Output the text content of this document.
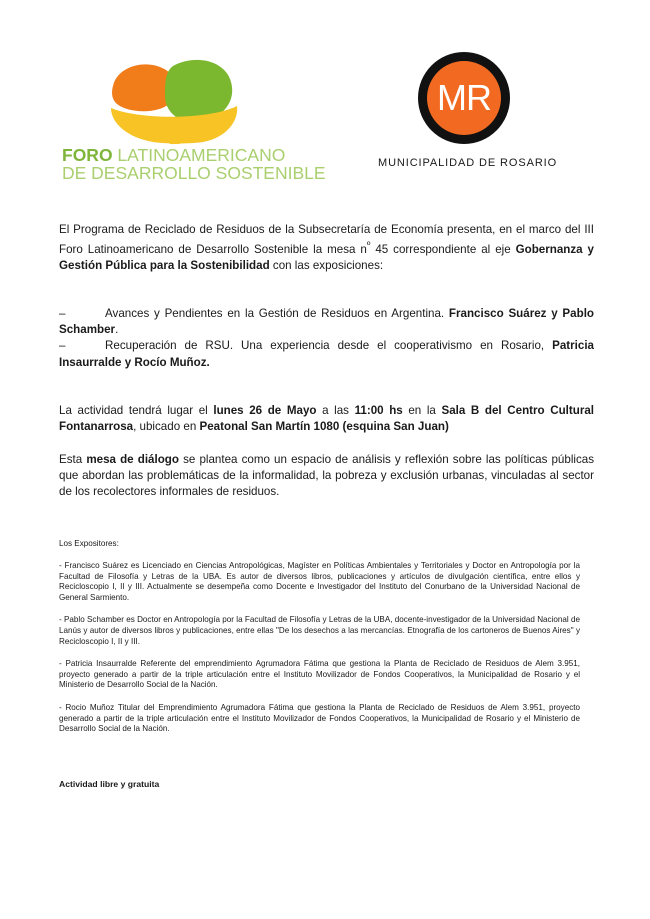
FORO LATINOAMERICANO
DE DESARROLLO SOSTENIBLE
MR
MUNICIPALIDAD DE ROSARIO

El Programa de Reciclado de Residuos de la Subsecretaría de Economía presenta, en el marco del III Foro Latinoamericano de Desarrollo Sostenible la mesa $n^º$ 45 correspondiente al eje Gobernanza y Gestión Pública para la Sostenibilidad con las exposiciones:

–	Avances y Pendientes en la Gestión de Residuos en Argentina. Francisco Suárez y Pablo Schamber.

–	Recuperación de RSU. Una experiencia desde el cooperativismo en Rosario, Patricia Insaurralde y Rocío Muñoz.

La actividad tendrá lugar el lunes 26 de Mayo a las 11:00 hs en la Sala B del Centro Cultural Fontanarrosa, ubicado en Peatonal San Martín 1080 (esquina San Juan)

Esta mesa de diálogo se plantea como un espacio de análisis y reflexión sobre las políticas públicas que abordan las problemáticas de la informalidad, la pobreza y exclusión urbanas, vinculadas al sector de los recolectores informales de residuos.

Los Expositores:

- Francisco Suárez es Licenciado en Ciencias Antropológicas, Magíster en Políticas Ambientales y Territoriales y Doctor en Antropología por la Facultad de Filosofía y Letras de la UBA. Es autor de diversos libros, publicaciones y artículos de divulgación científica, entre ellos y Recicloscopio I, II y III. Actualmente se desempeña como Docente e Investigador del Instituto del Conurbano de la Universidad Nacional de General Sarmiento.

- Pablo Schamber es Doctor en Antropología por la Facultad de Filosofía y Letras de la UBA, docente-investigador de la Universidad Nacional de Lanús y autor de diversos libros y publicaciones, entre ellas "De los desechos a las mercancías. Etnografía de los cartoneros de Buenos Aires" y Recicloscopio I, II y III.

- Patricia Insaurralde Referente del emprendimiento Agrumadora Fátima que gestiona la Planta de Reciclado de Residuos de Alem 3.951, proyecto generado a partir de la triple articulación entre el Instituto Movilizador de Fondos Cooperativos, la Municipalidad de Rosario y el Ministerio de Desarrollo Social de la Nación.

- Rocio Muñoz Titular del Emprendimiento Agrumadora Fátima que gestiona la Planta de Reciclado de Residuos de Alem 3.951, proyecto generado a partir de la triple articulación entre el Instituto Movilizador de Fondos Cooperativos, la Municipalidad de Rosario y el Ministerio de Desarrollo Social de la Nación.

Actividad libre y gratuita
